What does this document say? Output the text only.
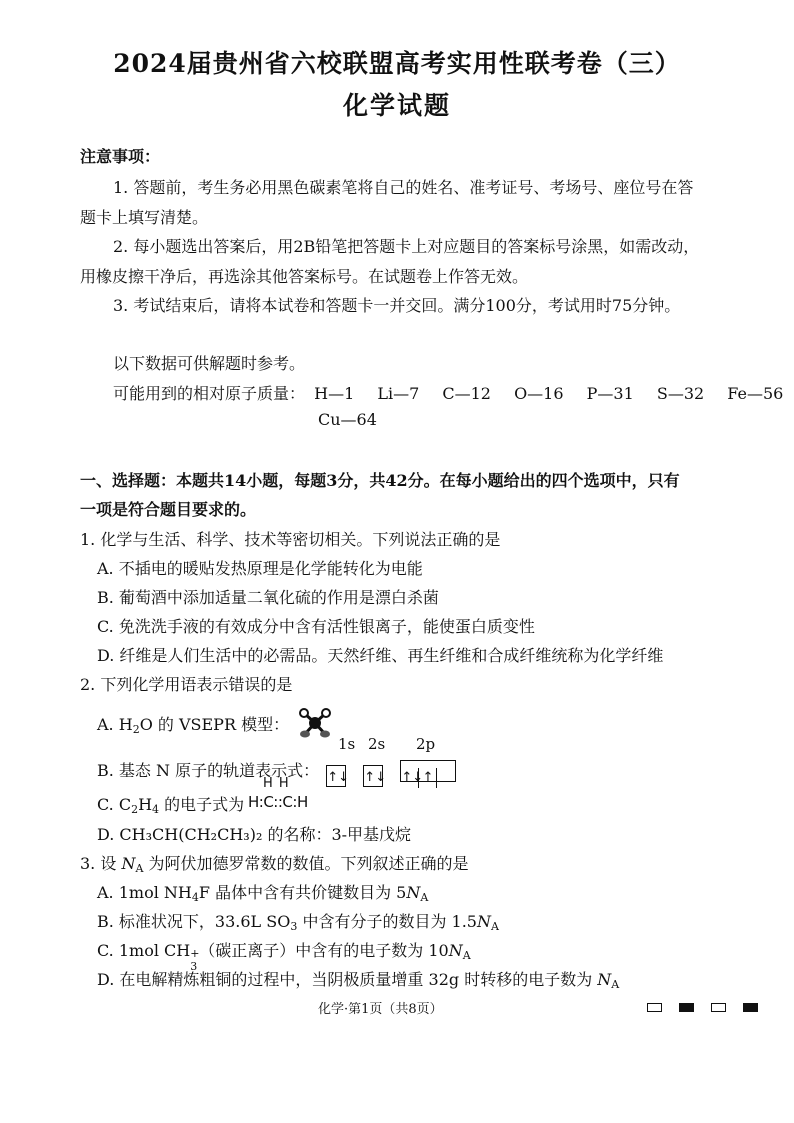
2024届贵州省六校联盟高考实用性联考卷（三）
化学试题
注意事项：
1. 答题前，考生务必用黑色碳素笔将自己的姓名、准考证号、考场号、座位号在答
题卡上填写清楚。
2. 每小题选出答案后，用2B铅笔把答题卡上对应题目的答案标号涂黑，如需改动，
用橡皮擦干净后，再选涂其他答案标号。在试题卷上作答无效。
3. 考试结束后，请将本试卷和答题卡一并交回。满分100分，考试用时75分钟。
以下数据可供解题时参考。
可能用到的相对原子质量： H—1 Li—7 C—12 O—16 P—31 S—32 Fe—56
Cu—64
一、选择题：本题共14小题，每题3分，共42分。在每小题给出的四个选项中，只有
一项是符合题目要求的。
1. 化学与生活、科学、技术等密切相关。下列说法正确的是
A. 不插电的暖贴发热原理是化学能转化为电能
B. 葡萄酒中添加适量二氧化硫的作用是漂白杀菌
C. 免洗洗手液的有效成分中含有活性银离子，能使蛋白质变性
D. 纤维是人们生活中的必需品。天然纤维、再生纤维和合成纤维统称为化学纤维
2. 下列化学用语表示错误的是
A. $H_2O$ 的 VSEPR 模型：
1s 2s 2p
B. 基态 N 原子的轨道表示式： ↑↓ ↑↓ ↑↓↑
C. $C_2H_4$ 的电子式为
H H
H:C::C:H
D. CH₃CH(CH₂CH₃)₂ 的名称：3-甲基戊烷
3. 设 $N_A$ 为阿伏加德罗常数的数值。下列叙述正确的是
A. 1mol $NH_4F$ 晶体中含有共价键数目为 $5N_A$
B. 标准状况下，33.6L $SO_3$ 中含有分子的数目为 $1.5N_A$
C. 1mol CH +
3
（碳正离子）中含有的电子数为 $10N_A$
D. 在电解精炼粗铜的过程中，当阴极质量增重 32g 时转移的电子数为 $N_A$
化学·第1页（共8页）
